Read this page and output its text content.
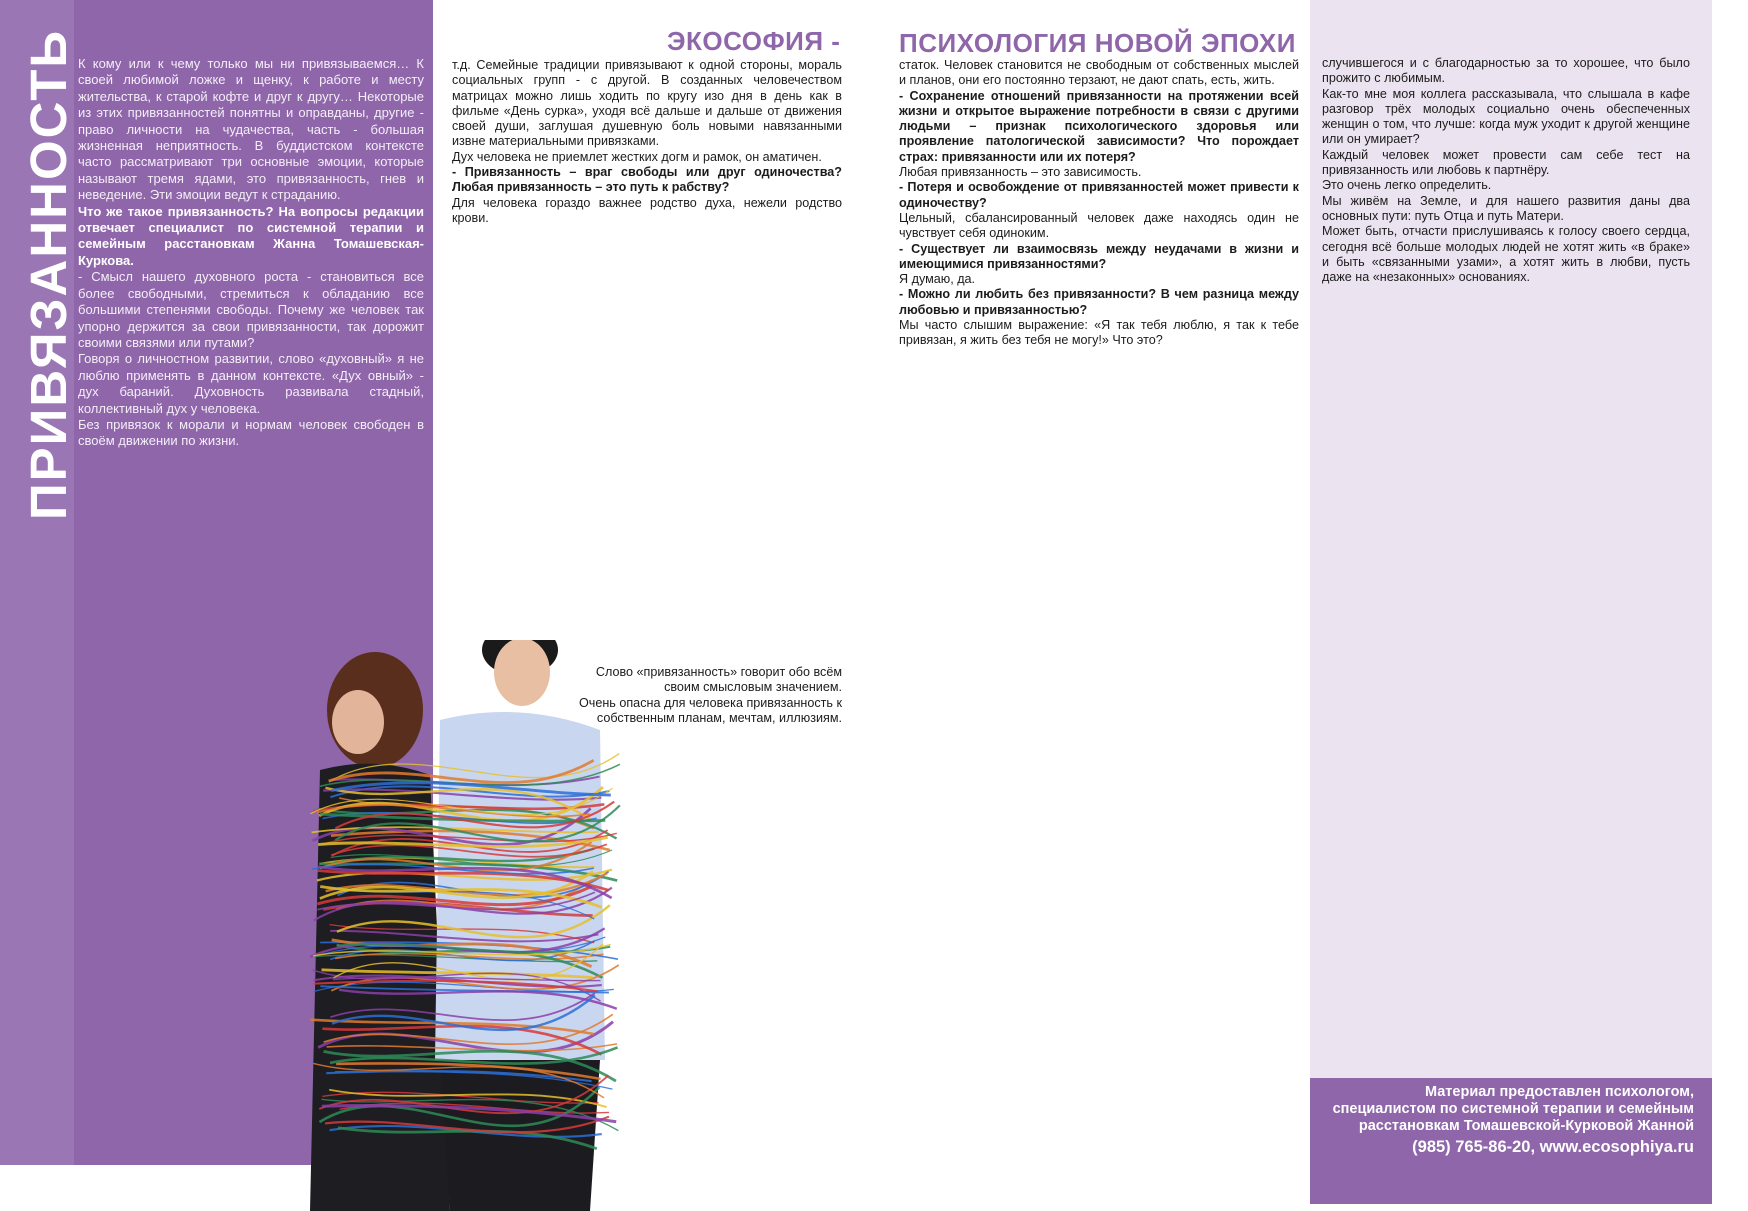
ПРИВЯЗАННОСТЬ К кому или к чему только мы ни привязываемся… К своей любимой ложке и щенку, к работе и месту жительства, к старой кофте и друг к другу… Некоторые из этих привязанностей понятны и оправданы, другие - право личности на чудачества, часть - большая жизненная неприятность. В буддистском контексте часто рассматривают три основные эмоции, которые называют тремя ядами, это привязанность, гнев и неведение. Эти эмоции ведут к страданию.

Что же такое привязанность? На вопросы редакции отвечает специалист по системной терапии и семейным расстановкам Жанна Томашевская-Куркова.

- Смысл нашего духовного роста - становиться все более свободными, стремиться к обладанию все большими степенями свободы. Почему же человек так упорно держится за свои привязанности, так дорожит своими связями или путами?

Говоря о личностном развитии, слово «духовный» я не люблю применять в данном контексте. «Дух овный» - дух бараний. Духовность развивала стадный, коллективный дух у человека.

Без привязок к морали и нормам человек свободен в своём движении по жизни.

ЭКОСОФИЯ - ПСИХОЛОГИЯ НОВОЙ ЭПОХИ

т.д. Семейные традиции привязывают к одной стороны, мораль социальных групп - с другой. В созданных человечеством матрицах можно лишь ходить по кругу изо дня в день как в фильме «День сурка», уходя всё дальше и дальше от движения своей души, заглушая душевную боль новыми навязанными извне материальными привязками.

Дух человека не приемлет жестких догм и рамок, он аматичен.

- Привязанность – враг свободы или друг одиночества? Любая привязанность – это путь к рабству?

Для человека гораздо важнее родство духа, нежели родство крови.

Слово «привязанность» говорит обо всём своим смысловым значением.

Очень опасна для человека привязанность к собственным планам, мечтам, иллюзиям.

статок. Человек становится не свободным от собственных мыслей и планов, они его постоянно терзают, не дают спать, есть, жить.

- Сохранение отношений привязанности на протяжении всей жизни и открытое выражение потребности в связи с другими людьми – признак психологического здоровья или проявление патологической зависимости? Что порождает страх: привязанности или их потеря?

Любая привязанность – это зависимость.

- Потеря и освобождение от привязанностей может привести к одиночеству?

Цельный, сбалансированный человек даже находясь один не чувствует себя одиноким.

- Существует ли взаимосвязь между неудачами в жизни и имеющимися привязанностями?

Я думаю, да.

- Можно ли любить без привязанности? В чем разница между любовью и привязанностью?

Мы часто слышим выражение: «Я так тебя люблю, я так к тебе привязан, я жить без тебя не могу!» Что это?

случившегося и с благодарностью за то хорошее, что было прожито с любимым.

Как-то мне моя коллега рассказывала, что слышала в кафе разговор трёх молодых социально очень обеспеченных женщин о том, что лучше: когда муж уходит к другой женщине или он умирает?

Каждый человек может провести сам себе тест на привязанность или любовь к партнёру.

Это очень легко определить.

Мы живём на Земле, и для нашего развития даны два основных пути: путь Отца и путь Матери.

Может быть, отчасти прислушиваясь к голосу своего сердца, сегодня всё больше молодых людей не хотят жить «в браке» и быть «связанными узами», а хотят жить в любви, пусть даже на «незаконных» основаниях.

Материал предоставлен психологом,
специалистом по системной терапии и семейным
расстановкам Томашевской-Курковой Жанной
(985) 765-86-20, www.ecosophiya.ru
